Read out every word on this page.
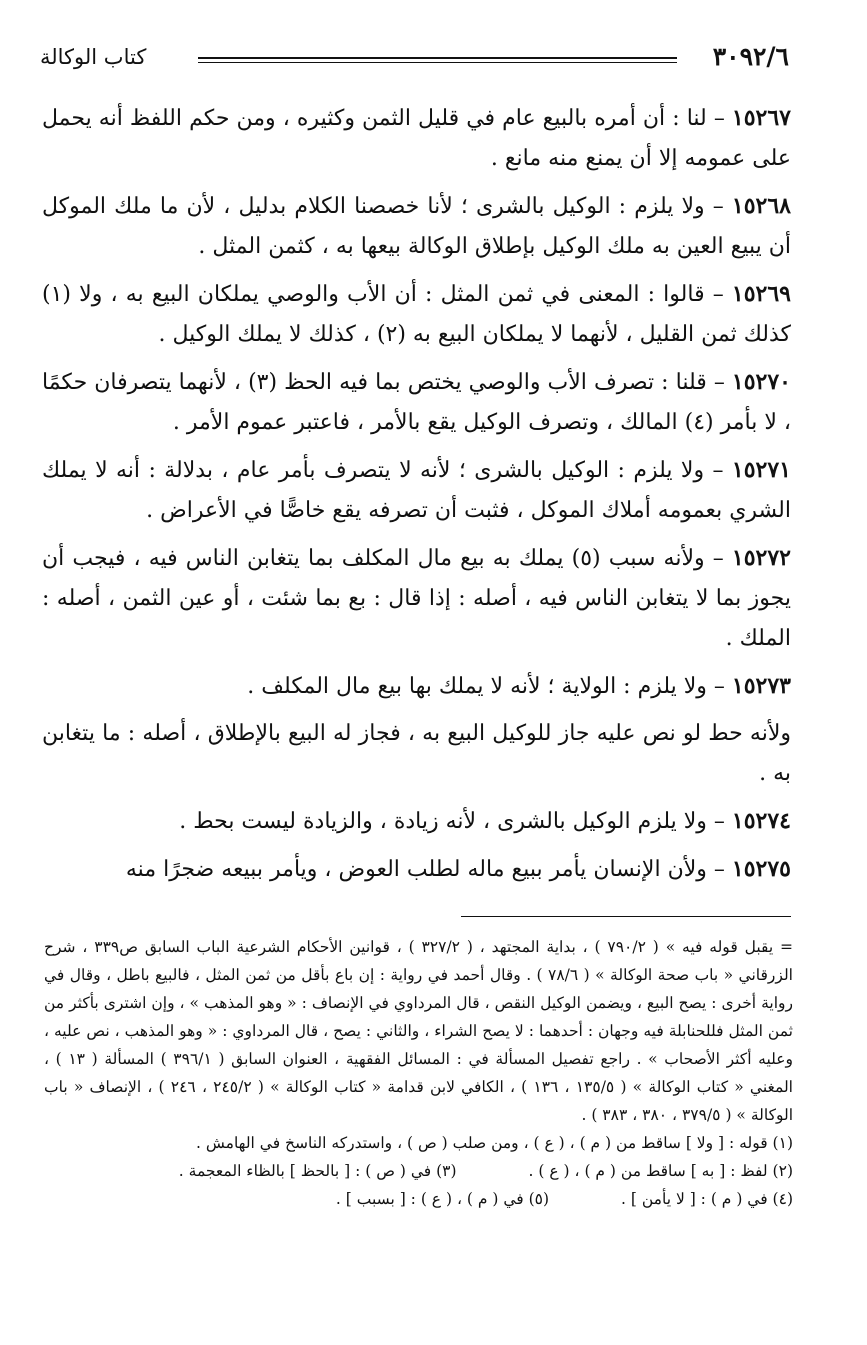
٣٠٩٢/٦
كتاب الوكالة

١٥٢٦٧ – لنا : أن أمره بالبيع عام في قليل الثمن وكثيره ، ومن حكم اللفظ أنه يحمل على عمومه إلا أن يمنع منه مانع .

١٥٢٦٨ – ولا يلزم : الوكيل بالشرى ؛ لأنا خصصنا الكلام بدليل ، لأن ما ملك الموكل أن يبيع العين به ملك الوكيل بإطلاق الوكالة بيعها به ، كثمن المثل .

١٥٢٦٩ – قالوا : المعنى في ثمن المثل : أن الأب والوصي يملكان البيع به ، ولا (١) كذلك ثمن القليل ، لأنهما لا يملكان البيع به (٢) ، كذلك لا يملك الوكيل .

١٥٢٧٠ – قلنا : تصرف الأب والوصي يختص بما فيه الحظ (٣) ، لأنهما يتصرفان حكمًا ، لا بأمر (٤) المالك ، وتصرف الوكيل يقع بالأمر ، فاعتبر عموم الأمر .

١٥٢٧١ – ولا يلزم : الوكيل بالشرى ؛ لأنه لا يتصرف بأمر عام ، بدلالة : أنه لا يملك الشري بعمومه أملاك الموكل ، فثبت أن تصرفه يقع خاصًّا في الأعراض .

١٥٢٧٢ – ولأنه سبب (٥) يملك به بيع مال المكلف بما يتغابن الناس فيه ، فيجب أن يجوز بما لا يتغابن الناس فيه ، أصله : إذا قال : بع بما شئت ، أو عين الثمن ، أصله : الملك .

١٥٢٧٣ – ولا يلزم : الولاية ؛ لأنه لا يملك بها بيع مال المكلف .

ولأنه حط لو نص عليه جاز للوكيل البيع به ، فجاز له البيع بالإطلاق ، أصله : ما يتغابن به .

١٥٢٧٤ – ولا يلزم الوكيل بالشرى ، لأنه زيادة ، والزيادة ليست بحط .

١٥٢٧٥ – ولأن الإنسان يأمر ببيع ماله لطلب العوض ، ويأمر ببيعه ضجرًا منه

= يقبل قوله فيه » ( ٧٩٠/٢ ) ، بداية المجتهد ، ( ٣٢٧/٢ ) ، قوانين الأحكام الشرعية الباب السابق ص٣٣٩ ، شرح الزرقاني « باب صحة الوكالة » ( ٧٨/٦ ) . وقال أحمد في رواية : إن باع بأقل من ثمن المثل ، فالبيع باطل ، وقال في رواية أخرى : يصح البيع ، ويضمن الوكيل النقص ، قال المرداوي في الإنصاف : « وهو المذهب » ، وإن اشترى بأكثر من ثمن المثل فللحنابلة فيه وجهان : أحدهما : لا يصح الشراء ، والثاني : يصح ، قال المرداوي : « وهو المذهب ، نص عليه ، وعليه أكثر الأصحاب » . راجع تفصيل المسألة في : المسائل الفقهية ، العنوان السابق ( ٣٩٦/١ ) المسألة ( ١٣ ) ، المغني « كتاب الوكالة » ( ١٣٥/٥ ، ١٣٦ ) ، الكافي لابن قدامة « كتاب الوكالة » ( ٢٤٥/٢ ، ٢٤٦ ) ، الإنصاف « باب الوكالة » ( ٣٧٩/٥ ، ٣٨٠ ، ٣٨٣ ) .

(١) قوله : [ ولا ] ساقط من ( م ) ، ( ع ) ، ومن صلب ( ص ) ، واستدركه الناسخ في الهامش .

(٢) لفظ : [ به ] ساقط من ( م ) ، ( ع ) .
(٣) في ( ص ) : [ بالحظ ] بالظاء المعجمة .
(٤) في ( م ) : [ لا يأمن ] .
(٥) في ( م ) ، ( ع ) : [ بسبب ] .
